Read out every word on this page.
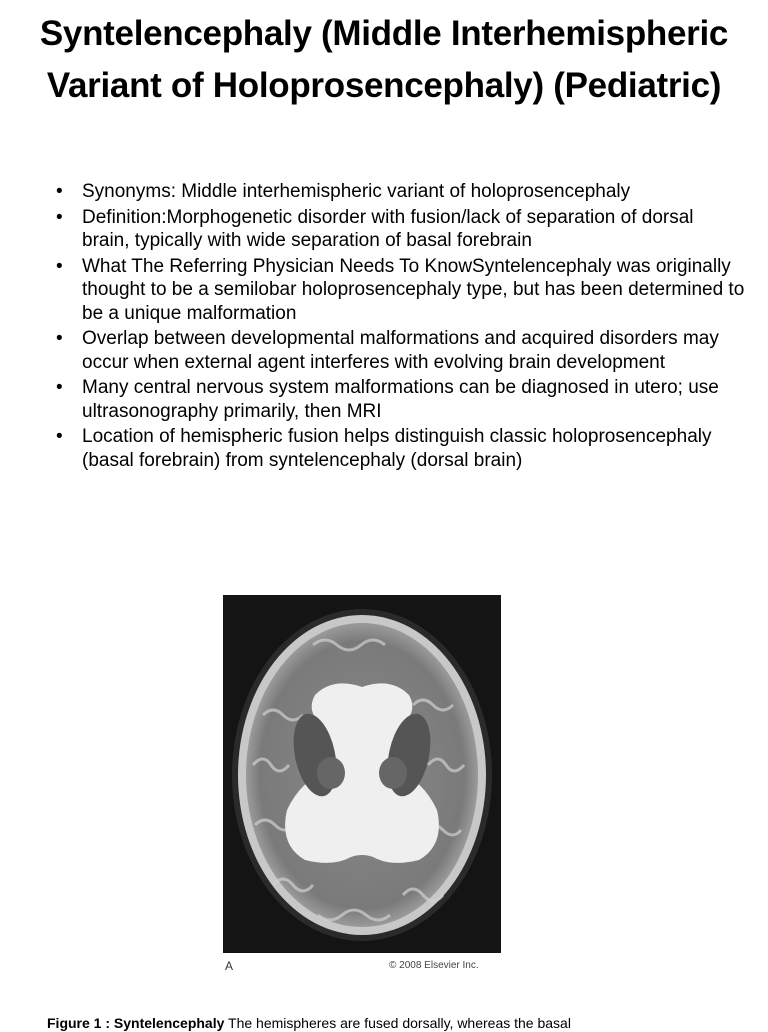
Syntelencephaly (Middle Interhemispheric Variant of Holoprosencephaly) (Pediatric)
• Synonyms: Middle interhemispheric variant of holoprosencephaly
• Definition:Morphogenetic disorder with fusion/lack of separation of dorsal brain, typically with wide separation of basal forebrain
• What The Referring Physician Needs To KnowSyntelencephaly was originally thought to be a semilobar holoprosencephaly type, but has been determined to be a unique malformation
• Overlap between developmental malformations and acquired disorders may occur when external agent interferes with evolving brain development
• Many central nervous system malformations can be diagnosed in utero; use ultrasonography primarily, then MRI
• Location of hemispheric fusion helps distinguish classic holoprosencephaly (basal forebrain) from syntelencephaly (dorsal brain)
A	© 2008 Elsevier Inc.
Figure 1 : Syntelencephaly The hemispheres are fused dorsally, whereas the basal
